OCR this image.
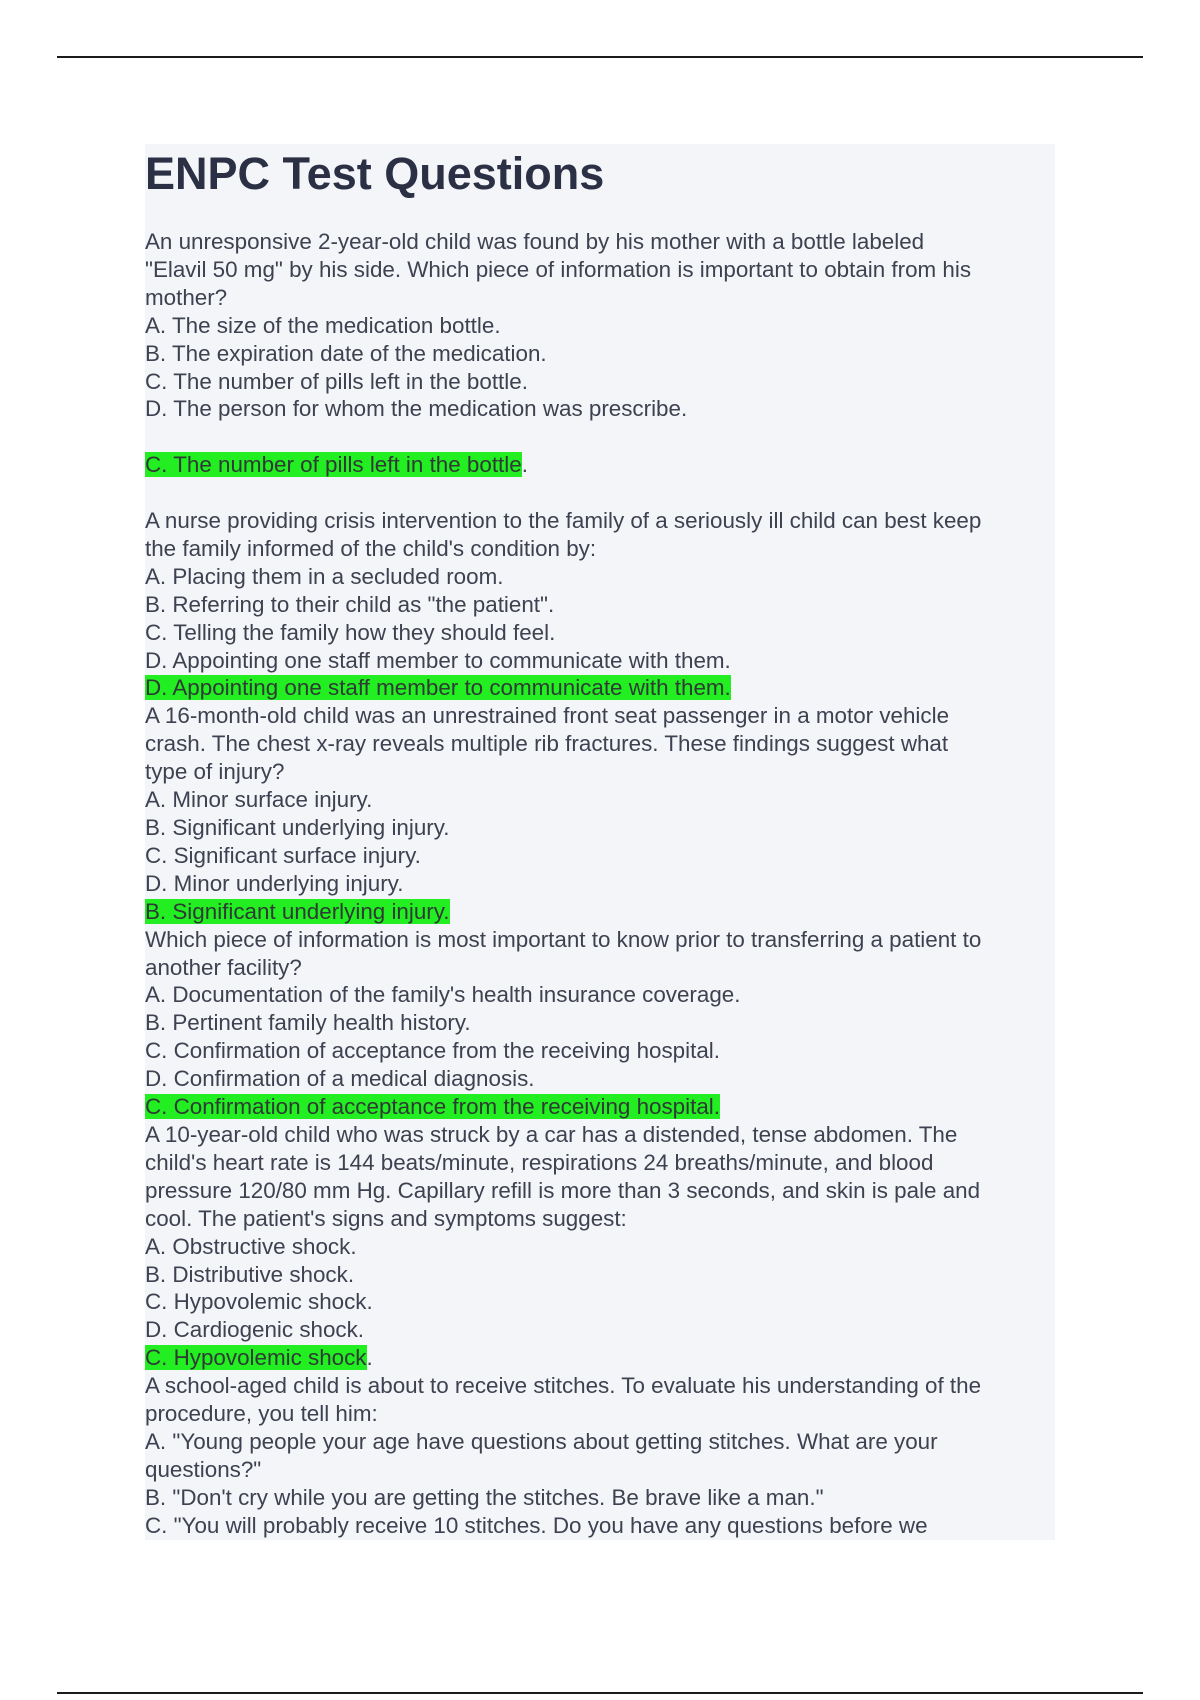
ENPC Test Questions

An unresponsive 2-year-old child was found by his mother with a bottle labeled

"Elavil 50 mg" by his side. Which piece of information is important to obtain from his

mother?

A. The size of the medication bottle.

B. The expiration date of the medication.

C. The number of pills left in the bottle.

D. The person for whom the medication was prescribe.

C. The number of pills left in the bottle.

A nurse providing crisis intervention to the family of a seriously ill child can best keep

the family informed of the child's condition by:

A. Placing them in a secluded room.

B. Referring to their child as "the patient".

C. Telling the family how they should feel.

D. Appointing one staff member to communicate with them.

D. Appointing one staff member to communicate with them.

A 16-month-old child was an unrestrained front seat passenger in a motor vehicle

crash. The chest x-ray reveals multiple rib fractures. These findings suggest what

type of injury?

A. Minor surface injury.

B. Significant underlying injury.

C. Significant surface injury.

D. Minor underlying injury.

B. Significant underlying injury.

Which piece of information is most important to know prior to transferring a patient to

another facility?

A. Documentation of the family's health insurance coverage.

B. Pertinent family health history.

C. Confirmation of acceptance from the receiving hospital.

D. Confirmation of a medical diagnosis.

C. Confirmation of acceptance from the receiving hospital.

A 10-year-old child who was struck by a car has a distended, tense abdomen. The

child's heart rate is 144 beats/minute, respirations 24 breaths/minute, and blood

pressure 120/80 mm Hg. Capillary refill is more than 3 seconds, and skin is pale and

cool. The patient's signs and symptoms suggest:

A. Obstructive shock.

B. Distributive shock.

C. Hypovolemic shock.

D. Cardiogenic shock.

C. Hypovolemic shock.

A school-aged child is about to receive stitches. To evaluate his understanding of the

procedure, you tell him:

A. "Young people your age have questions about getting stitches. What are your

questions?"

B. "Don't cry while you are getting the stitches. Be brave like a man."

C. "You will probably receive 10 stitches. Do you have any questions before we
